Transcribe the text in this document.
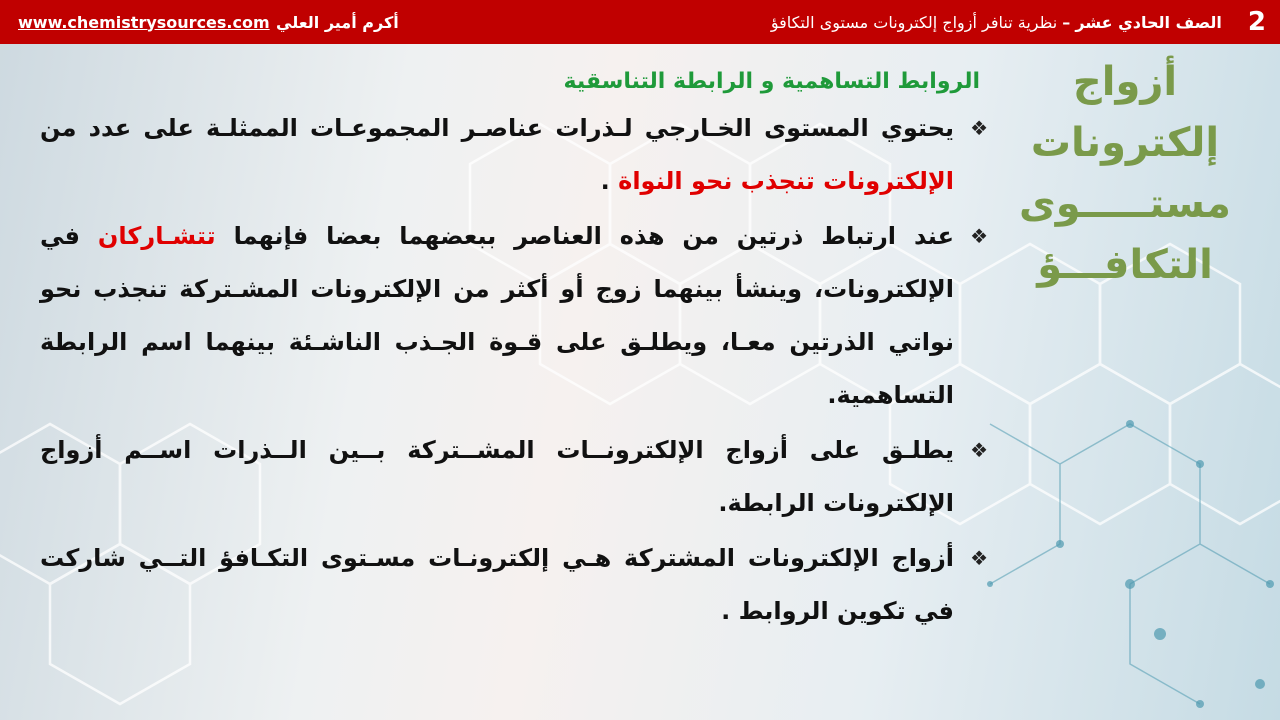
www.chemistrysources.com أكرم أمير العلي	2
الصف الحادي عشر – نظرية تنافر أزواج إلكترونات مستوى التكافؤ
أزواج
إلكترونات
مستـــــوى
التكافـــؤ
الروابط التساهمية و الرابطة التناسقية
❖
يحتوي المستوى الخـارجي لـذرات عناصـر المجموعـات الممثلـة على عدد من الإلكترونات تنجذب نحو النواة .
❖
عند ارتباط ذرتين من هذه العناصر ببعضهما بعضا فإنهما تتشـاركان في الإلكترونات، وينشأ بينهما زوج أو أكثر من الإلكترونات المشـتركة تنجذب نحو نواتي الذرتين معـا، ويطلـق على قـوة الجـذب الناشـئة بينهما اسم الرابطة التساهمية.
❖
يطلـق على أزواج الإلكترونــات المشــتركة بــين الــذرات اســم أزواج الإلكترونات الرابطة.
❖
أزواج الإلكترونات المشتركة هـي إلكترونـات مسـتوى التكـافؤ التــي شاركت في تكوين الروابط .
